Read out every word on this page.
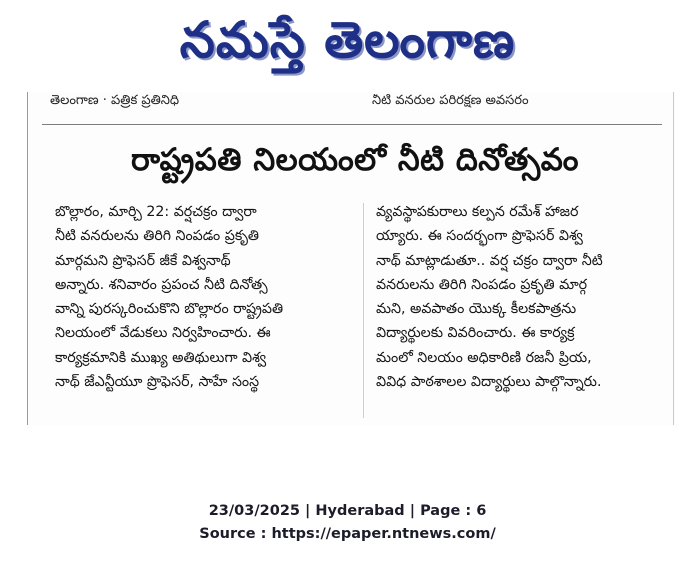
నమస్తే తెలంగాణ
తెలంగాణ · పత్రిక ప్రతినిధి	నీటి వనరుల పరిరక్షణ అవసరం
రాష్ట్రపతి నిలయంలో నీటి దినోత్సవం
బొల్లారం, మార్చి 22: వర్షచక్రం ద్వారా
నీటి వనరులను తిరిగి నింపడం ప్రకృతి
మార్గమని ప్రొఫెసర్ జీకే విశ్వనాథ్
అన్నారు. శనివారం ప్రపంచ నీటి దినోత్స
వాన్ని పురస్కరించుకొని బొల్లారం రాష్ట్రపతి
నిలయంలో వేడుకలు నిర్వహించారు. ఈ
కార్యక్రమానికి ముఖ్య అతిథులుగా విశ్వ
నాథ్ జేఎన్టీయూ ప్రొఫెసర్, సాహే సంస్థ
వ్యవస్థాపకురాలు కల్పన రమేశ్ హాజర
య్యారు. ఈ సందర్భంగా ప్రొఫెసర్ విశ్వ
నాథ్ మాట్లాడుతూ.. వర్ష చక్రం ద్వారా నీటి
వనరులను తిరిగి నింపడం ప్రకృతి మార్గ
మని, అవపాతం యొక్క కీలకపాత్రను
విద్యార్థులకు వివరించారు. ఈ కార్యక్ర
మంలో నిలయం అధికారిణి రజనీ ప్రియ,
వివిధ పాఠశాలల విద్యార్థులు పాల్గొన్నారు.
23/03/2025 | Hyderabad | Page : 6
Source : https://epaper.ntnews.com/
